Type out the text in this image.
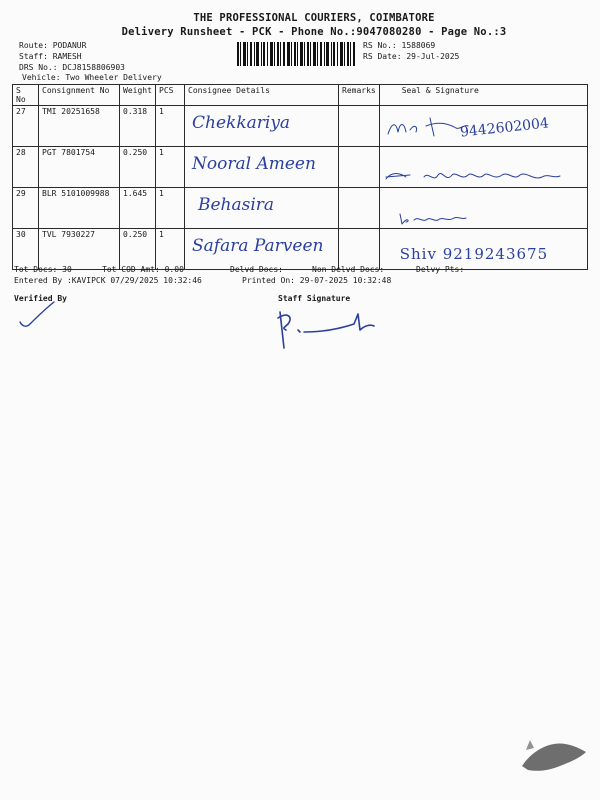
THE PROFESSIONAL COURIERS, COIMBATORE
Delivery Runsheet - PCK - Phone No.:9047080280 - Page No.:3
Route: PODANUR
Staff: RAMESH
DRS No.: DCJ8158806903
Vehicle: Two Wheeler Delivery
RS No.: 1588069
RS Date: 29-Jul-2025
S No	Consignment No	Weight	PCS	Consignee Details	Remarks	Seal & Signature
27	TMI 20251658	0.318	1	Chekkariya		9442602004

28	PGT 7801754	0.250	1	Nooral Ameen		

29	BLR 5101009988	1.645	1	Behasira		

30	TVL 7930227	0.250	1	Safara Parveen		Shiv 9219243675
Tot Docs: 30	Tot COD Amt: 0.00	Delvd Docs:	Non Delvd Docs:	Delvy Pts:
Entered By :KAVIPCK 07/29/2025 10:32:46	Printed On: 29-07-2025 10:32:48
Verified By	Staff Signature
